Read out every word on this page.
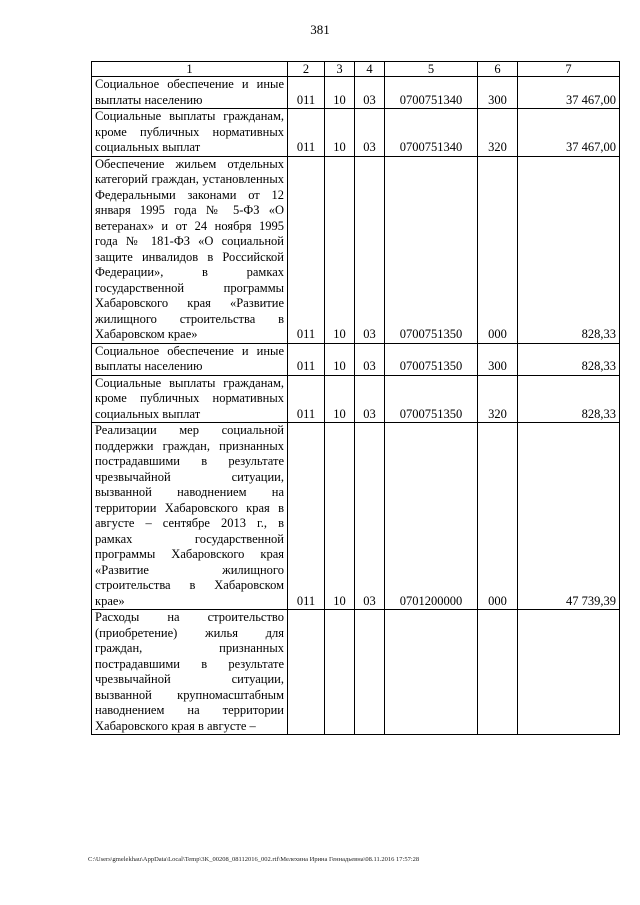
381
1	2	3	4	5	6	7
Социальное обеспечение и иные выплаты населению	011	10	03	0700751340	300	37 467,00
Социальные выплаты гражданам, кроме публичных нормативных социальных выплат	011	10	03	0700751340	320	37 467,00
Обеспечение жильем отдельных категорий граждан, установленных Федеральными законами от 12 января 1995 года № 5-ФЗ «О ветеранах» и от 24 ноября 1995 года № 181-ФЗ «О социальной защите инвалидов в Российской Федерации», в рамках государственной программы Хабаровского края «Развитие жилищного строительства в Хабаровском крае»	011	10	03	0700751350	000	828,33
Социальное обеспечение и иные выплаты населению	011	10	03	0700751350	300	828,33
Социальные выплаты гражданам, кроме публичных нормативных социальных выплат	011	10	03	0700751350	320	828,33
Реализации мер социальной поддержки граждан, признанных пострадавшими в результате чрезвычайной ситуации, вызванной наводнением на территории Хабаровского края в августе – сентябре 2013 г., в рамках государственной программы Хабаровского края «Развитие жилищного строительства в Хабаровском крае»	011	10	03	0701200000	000	47 739,39
Расходы на строительство (приобретение) жилья для граждан, признанных пострадавшими в результате чрезвычайной ситуации, вызванной крупномасштабным наводнением на территории Хабаровского края в августе –						
C:\Users\gmelekhau\AppData\Local\Temp\3K_00208_08112016_002.rtf\Мелехина Ирина Геннадьевна\08.11.2016 17:57:28
